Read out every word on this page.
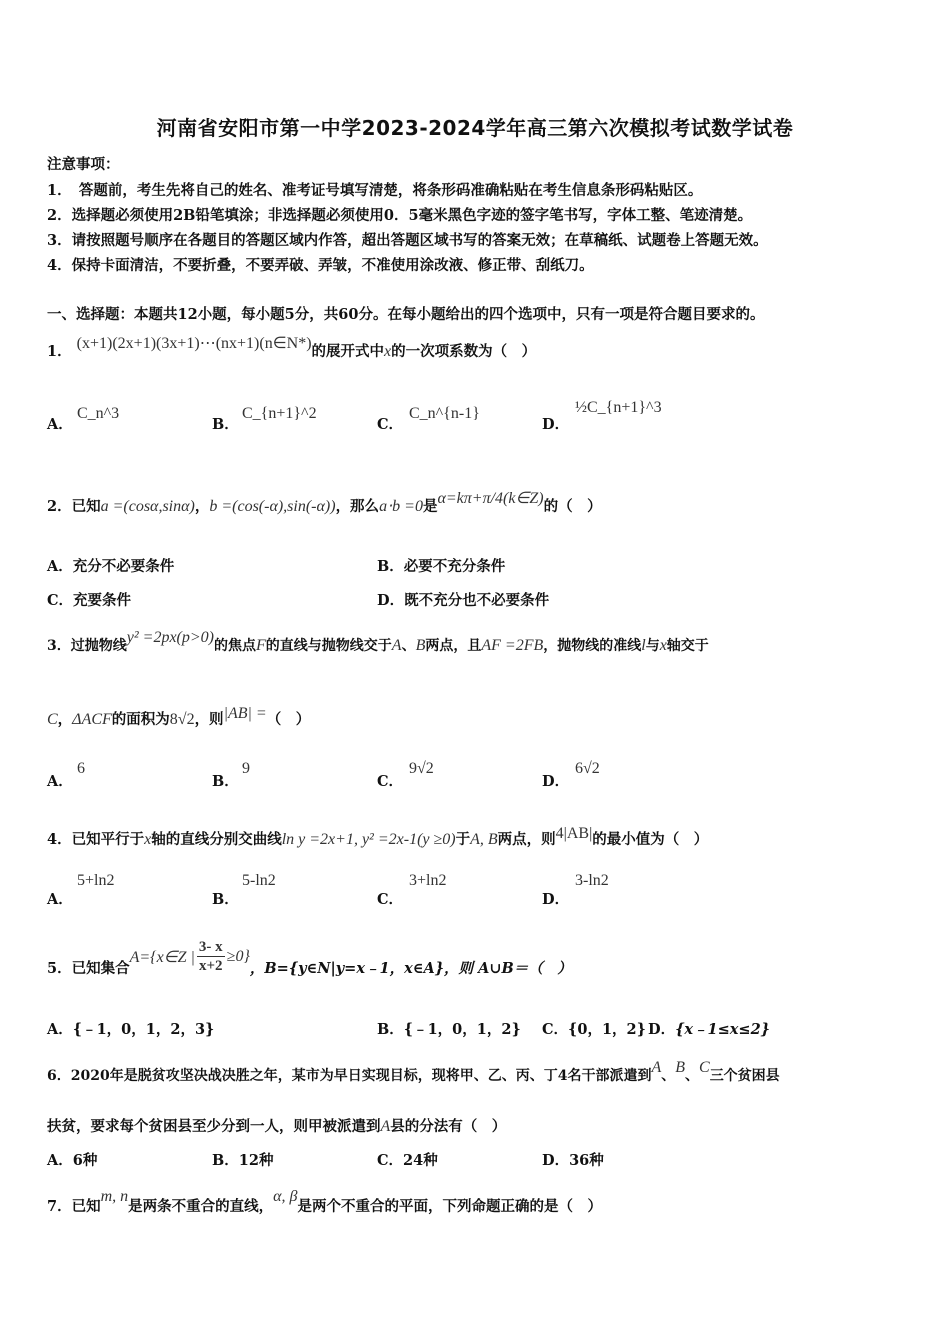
河南省安阳市第一中学2023-2024学年高三第六次模拟考试数学试卷
注意事项：
1．　答题前，考生先将自己的姓名、准考证号填写清楚，将条形码准确粘贴在考生信息条形码粘贴区。
2．选择题必须使用2B铅笔填涂；非选择题必须使用0．5毫米黑色字迹的签字笔书写，字体工整、笔迹清楚。
3．请按照题号顺序在各题目的答题区域内作答，超出答题区域书写的答案无效；在草稿纸、试题卷上答题无效。
4．保持卡面清洁，不要折叠，不要弄破、弄皱，不准使用涂改液、修正带、刮纸刀。
一、选择题：本题共12小题，每小题5分，共60分。在每小题给出的四个选项中，只有一项是符合题目要求的。
1． (x+1)(2x+1)(3x+1)⋯(nx+1)(n∈N*)的展开式中x的一次项系数为（　）
A．
C_n^3
B．
C_{n+1}^2
C．
C_n^{n-1}
D．
½C_{n+1}^3
2．已知a =(cosα,sinα)，b =(cos(-α),sin(-α))，那么a⋅b =0是α=kπ+π/4(k∈Z)的（　）
A．充分不必要条件	B．必要不充分条件
C．充要条件	D．既不充分也不必要条件
3．过抛物线y² =2px(p>0)的焦点F的直线与抛物线交于A、B两点，且AF =2FB，抛物线的准线l与x轴交于
C，ΔACF的面积为8√2，则|AB| =（　）
A．
6
B．
9
C．
9√2
D．
6√2
4．已知平行于x轴的直线分别交曲线ln y =2x+1, y² =2x-1(y ≥0)于A, B两点，则4|AB|的最小值为（　）
A．
5+ln2
B．
5-ln2
C．
3+ln2
D．
3-ln2
5．已知集合
A={x∈Z | $\frac{3- x}{x+2} \ge 0$}
，B={y∈N|y=x﹣1，x∈A}，则 A∪B＝（　）
A．{﹣1，0，1，2，3}	B．{﹣1，0，1，2} C．{0，1，2} D．{x﹣1≤x≤2}
6．2020年是脱贫攻坚决战决胜之年，某市为早日实现目标，现将甲、乙、丙、丁4名干部派遣到A、B、C三个贫困县
扶贫，要求每个贫困县至少分到一人，则甲被派遣到A县的分法有（　）
A．6种	B．12种	C．24种	D．36种
7．已知m, n是两条不重合的直线，α, β是两个不重合的平面，下列命题正确的是（　）
